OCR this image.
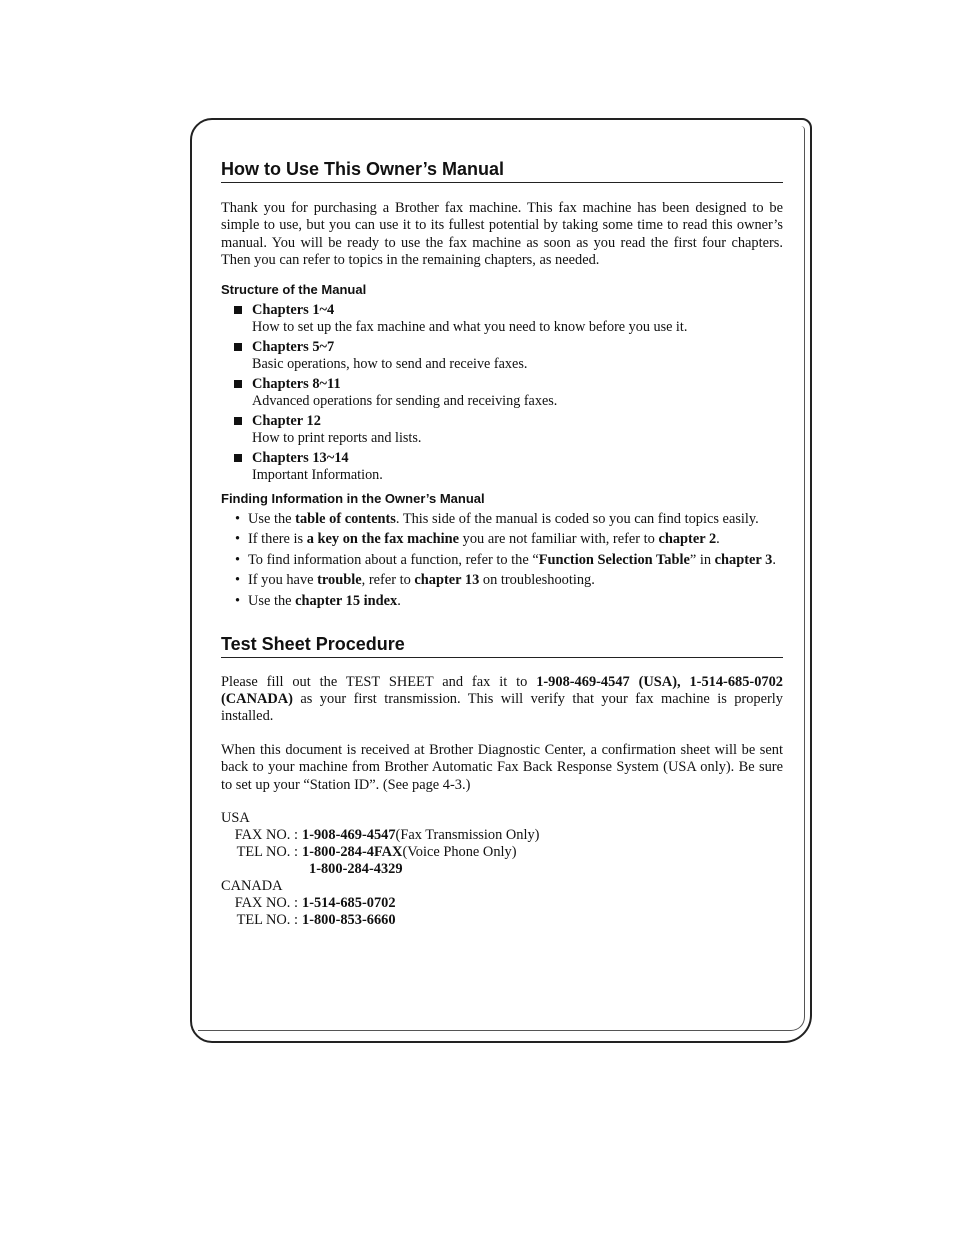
How to Use This Owner’s Manual

Thank you for purchasing a Brother fax machine. This fax machine has been designed to be simple to use, but you can use it to its fullest potential by taking some time to read this owner’s manual. You will be ready to use the fax machine as soon as you read the first four chapters. Then you can refer to topics in the remaining chapters, as needed.

Structure of the Manual
Chapters 1~4
How to set up the fax machine and what you need to know before you use it.
Chapters 5~7
Basic operations, how to send and receive faxes.
Chapters 8~11
Advanced operations for sending and receiving faxes.
Chapter 12
How to print reports and lists.
Chapters 13~14
Important Information.
Finding Information in the Owner’s Manual
• Use the table of contents. This side of the manual is coded so you can find topics easily.
• If there is a key on the fax machine you are not familiar with, refer to chapter 2.
• To find information about a function, refer to the “Function Selection Table” in chapter 3.
• If you have trouble, refer to chapter 13 on troubleshooting.
• Use the chapter 15 index.
Test Sheet Procedure

Please fill out the TEST SHEET and fax it to 1-908-469-4547 (USA), 1-514-685-0702 (CANADA) as your first transmission. This will verify that your fax machine is properly installed.

When this document is received at Brother Diagnostic Center, a confirmation sheet will be sent back to your machine from Brother Automatic Fax Back Response System (USA only). Be sure to set up your “Station ID”. (See page 4-3.)

USA
FAX NO. : 1-908-469-4547 (Fax Transmission Only)
TEL NO. : 1-800-284-4FAX (Voice Phone Only)
1-800-284-4329
CANADA
FAX NO. : 1-514-685-0702
TEL NO. : 1-800-853-6660
